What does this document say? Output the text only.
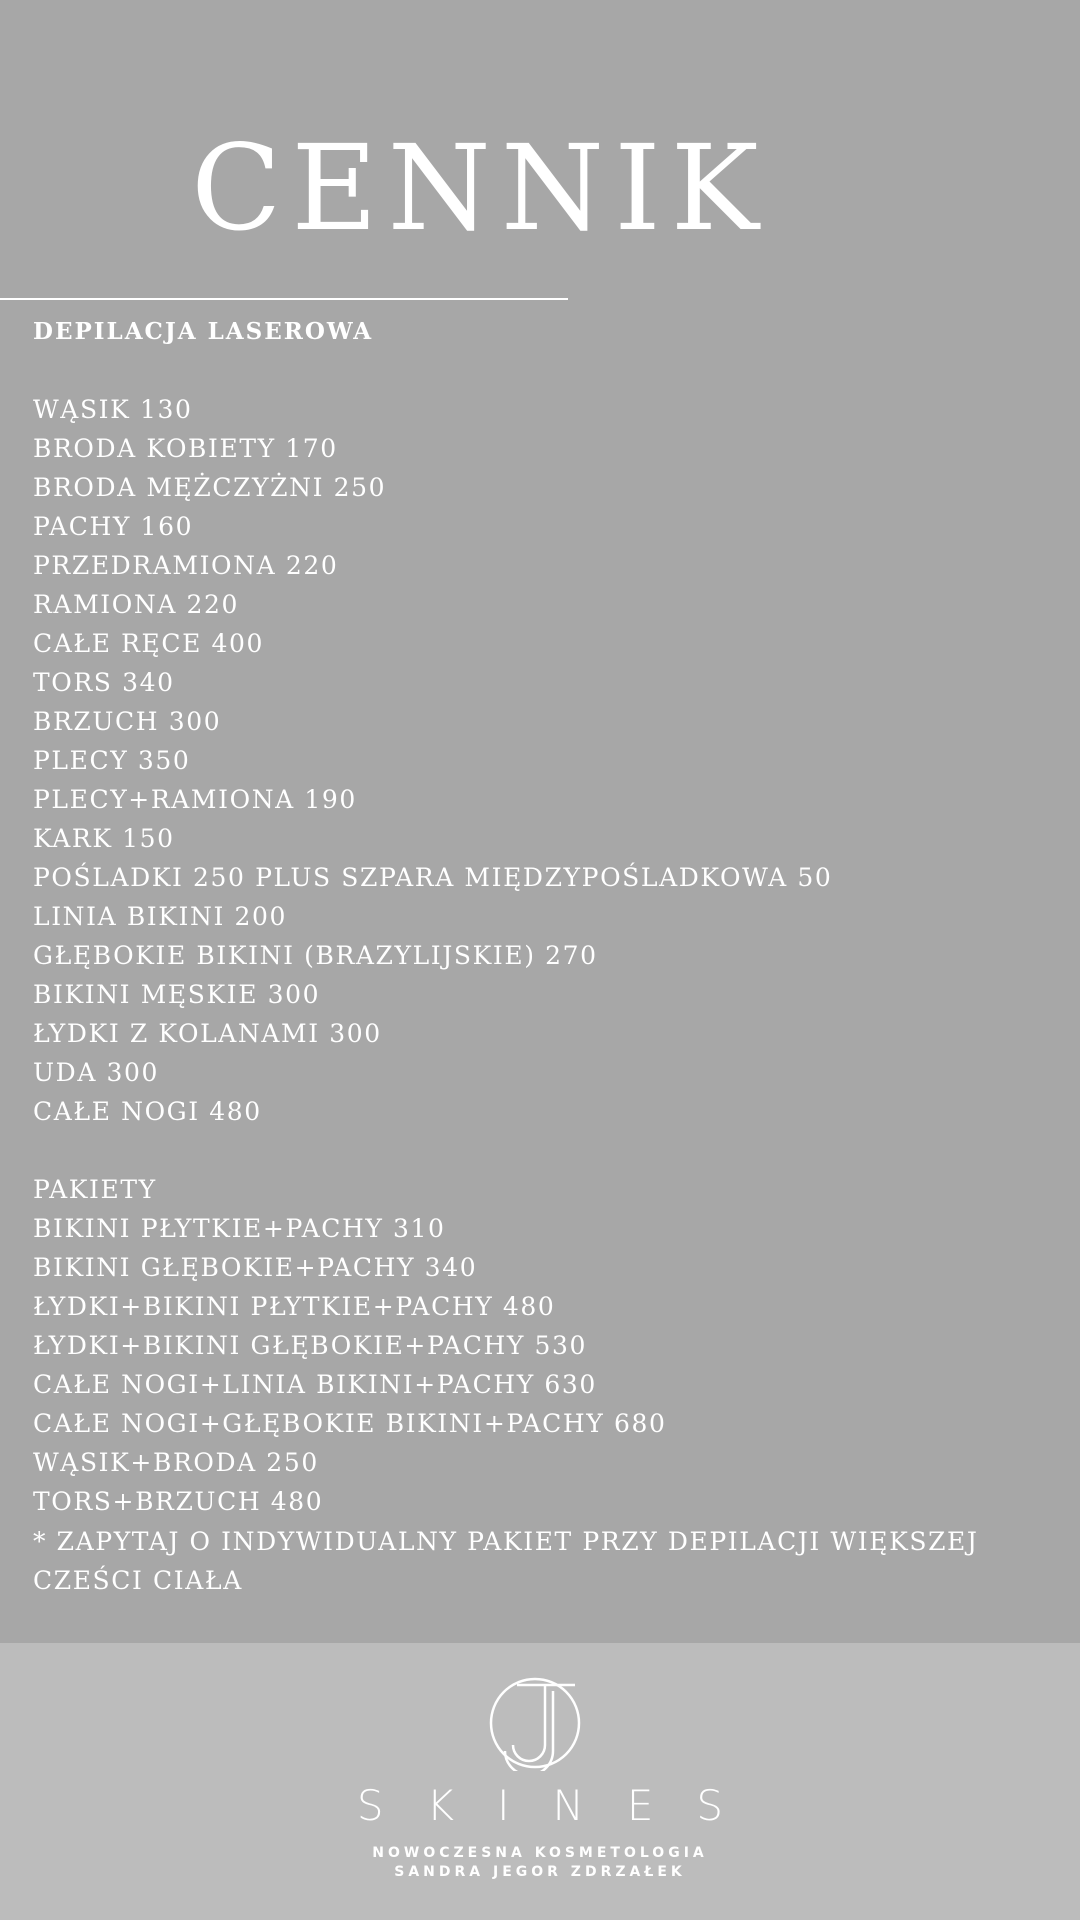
CENNIK
DEPILACJA LASEROWA
WĄSIK 130
BRODA KOBIETY 170
BRODA MĘŻCZYŻNI 250
PACHY 160
PRZEDRAMIONA 220
RAMIONA 220
CAŁE RĘCE 400
TORS 340
BRZUCH 300
PLECY 350
PLECY+RAMIONA 190
KARK 150
POŚLADKI 250 PLUS SZPARA MIĘDZYPOŚLADKOWA 50
LINIA BIKINI 200
GŁĘBOKIE BIKINI (BRAZYLIJSKIE) 270
BIKINI MĘSKIE 300
ŁYDKI Z KOLANAMI 300
UDA 300
CAŁE NOGI 480
PAKIETY
BIKINI PŁYTKIE+PACHY 310
BIKINI GŁĘBOKIE+PACHY 340
ŁYDKI+BIKINI PŁYTKIE+PACHY 480
ŁYDKI+BIKINI GŁĘBOKIE+PACHY 530
CAŁE NOGI+LINIA BIKINI+PACHY 630
CAŁE NOGI+GŁĘBOKIE BIKINI+PACHY 680
WĄSIK+BRODA 250
TORS+BRZUCH 480
* ZAPYTAJ O INDYWIDUALNY PAKIET PRZY DEPILACJI WIĘKSZEJ CZEŚCI CIAŁA
SKINES
NOWOCZESNA KOSMETOLOGIA
SANDRA JEGOR ZDRZAŁEK
